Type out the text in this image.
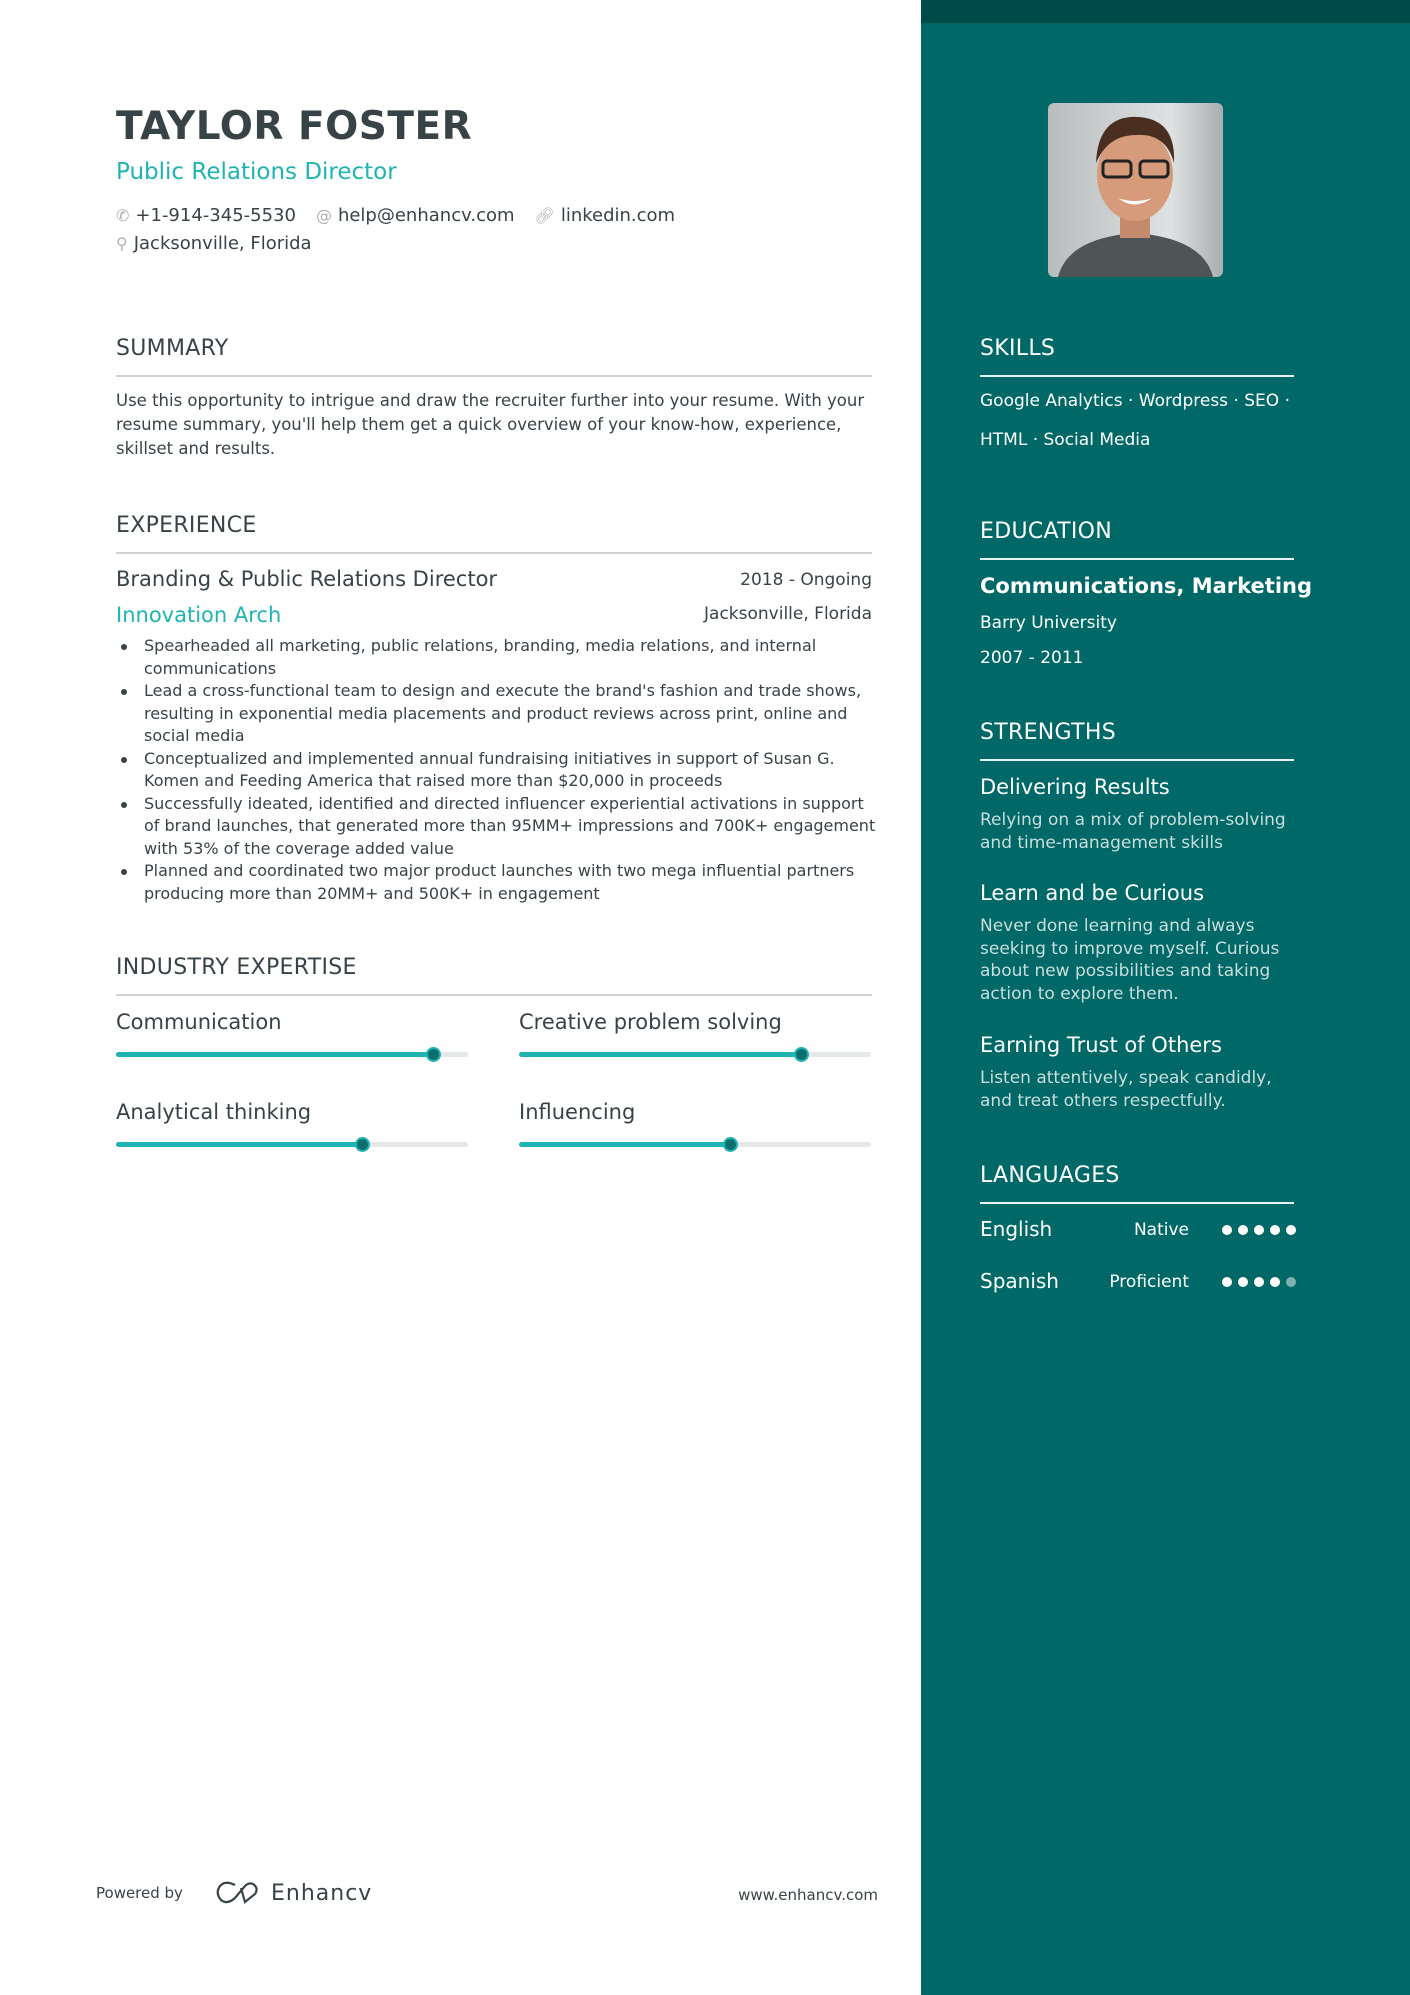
TAYLOR FOSTER
Public Relations Director
✆ +1-914-345-5530 @ help@enhancv.com 🔗︎ linkedin.com
⚲ Jacksonville, Florida
SUMMARY
Use this opportunity to intrigue and draw the recruiter further into your resume. With your resume summary, you'll help them get a quick overview of your know-how, experience, skillset and results.
EXPERIENCE
Branding & Public Relations Director	2018 - Ongoing
Innovation Arch	Jacksonville, Florida
Spearheaded all marketing, public relations, branding, media relations, and internal communications
Lead a cross-functional team to design and execute the brand's fashion and trade shows, resulting in exponential media placements and product reviews across print, online and social media
Conceptualized and implemented annual fundraising initiatives in support of Susan G. Komen and Feeding America that raised more than $20,000 in proceeds
Successfully ideated, identified and directed influencer experiential activations in support of brand launches, that generated more than 95MM+ impressions and 700K+ engagement with 53% of the coverage added value
Planned and coordinated two major product launches with two mega influential partners producing more than 20MM+ and 500K+ in engagement
INDUSTRY EXPERTISE
Communication	Creative problem solving
Analytical thinking	Influencing
SKILLS
Google Analytics · Wordpress · SEO ·
HTML · Social Media
EDUCATION
Communications, Marketing
Barry University
2007 - 2011
STRENGTHS
Delivering Results
Relying on a mix of problem-solving and time-management skills
Learn and be Curious
Never done learning and always seeking to improve myself. Curious about new possibilities and taking action to explore them.
Earning Trust of Others
Listen attentively, speak candidly, and treat others respectfully.
LANGUAGES
English	Native
Spanish	Proficient
Powered by	Enhancv	www.enhancv.com
